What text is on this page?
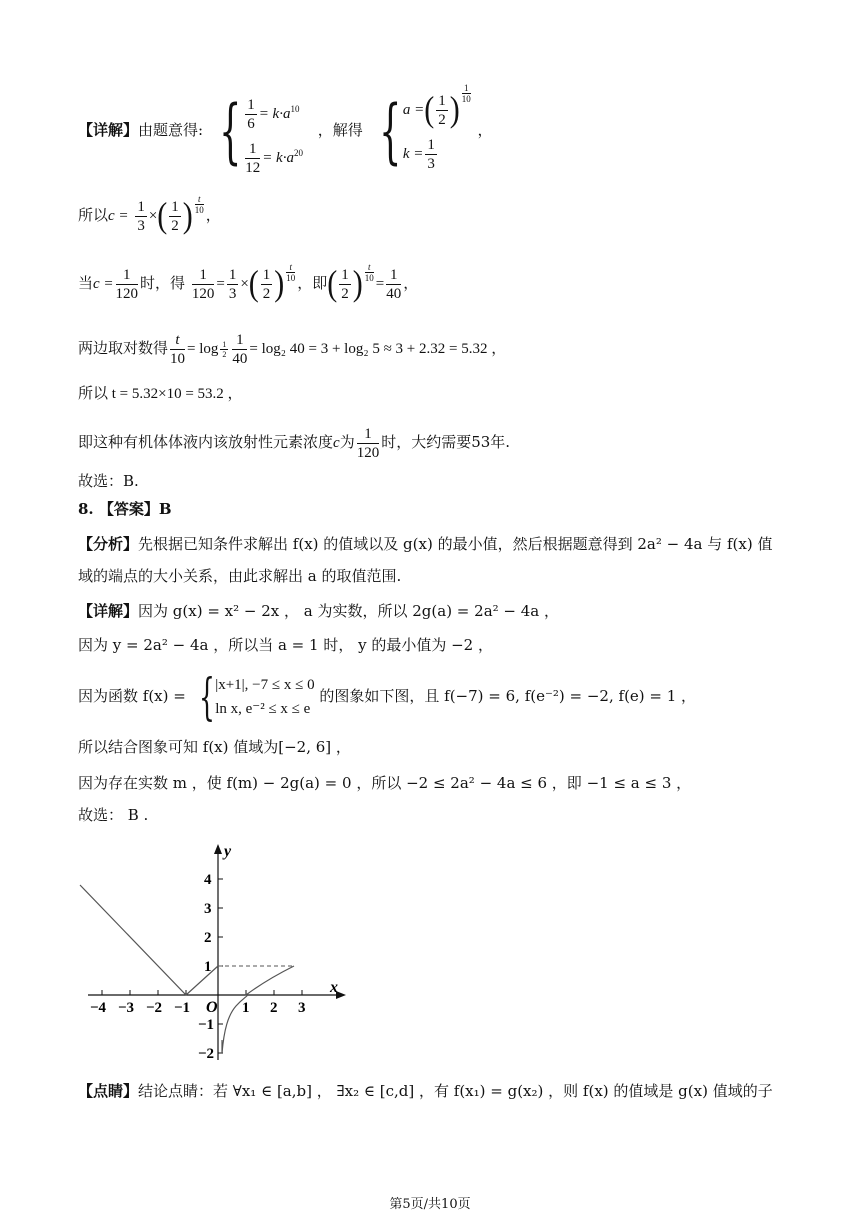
【详解】由题意得: { $\frac{1}{6} = k\cdot a^{10}$
$\frac{1}{12} = k\cdot a^{20}$
，解得 { a =( $\frac{1}{2}$ ) $\frac{1}{10}$
$k = \frac{1}{3}$
，
所以$c = \frac{1}{3}$ ×( $\frac{1}{2}$ ) $\frac{t}{10}$ ，
当$c = \frac{1}{120}$ 时，得 $\frac{1}{120} = \frac{1}{3}$ ×( $\frac{1}{2}$ ) $\frac{t}{10}$ ，即( $\frac{1}{2}$ ) $\frac{t}{10}$
= $\frac{1}{40}$ ，
两边取对数得 $\frac{t}{10} = \log \frac{1}{2} \frac{1}{40} = \log_2$ 40 = 3 + log₂ 5 ≈ 3 + 2.32 = 5.32 ，
所以 t = 5.32×10 = 53.2 ，
即这种有机体体液内该放射性元素浓度c为 $\frac{1}{120}$ 时，大约需要53年.
故选：B.
8. 【答案】B
【分析】先根据已知条件求解出 f(x) 的值域以及 g(x) 的最小值，然后根据题意得到 2a² − 4a 与 f(x) 值
域的端点的大小关系，由此求解出 a 的取值范围.
【详解】因为 g(x) = x² − 2x ， a 为实数，所以 2g(a) = 2a² − 4a ，
因为 y = 2a² − 4a ，所以当 a = 1 时， y 的最小值为 −2 ，
因为函数 f(x) = { |x+1|, −7 ≤ x ≤ 0
ln x, e⁻² ≤ x ≤ e
的图象如下图，且 f(−7) = 6, f(e⁻²) = −2, f(e) = 1 ，
所以结合图象可知 f(x) 值域为[−2, 6] ，
因为存在实数 m ，使 f(m) − 2g(a) = 0 ，所以 −2 ≤ 2a² − 4a ≤ 6 ，即 −1 ≤ a ≤ 3 ，
故选： B .
y
x
O
−4 −3 −2 −1	1 2 3
4
3
2
1
−1
−2
【点睛】结论点睛：若 ∀x₁ ∈ [a,b] ， ∃x₂ ∈ [c,d] ，有 f(x₁) = g(x₂) ，则 f(x) 的值域是 g(x) 值域的子
第5页/共10页
